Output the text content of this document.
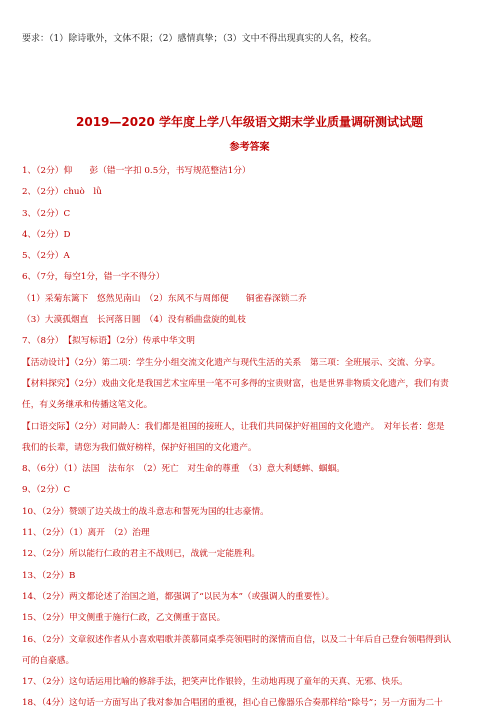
要求：（1）除诗歌外，文体不限；（2）感情真挚；（3）文中不得出现真实的人名，校名。
2019—2020 学年度上学八年级语文期末学业质量调研测试试题
参考答案
1、（2分）仰　　彭（错一字扣 0.5分，书写规范整洁1分）
2、（2分）chuò　lǜ
3、（2分）C
4、（2分）D
5、（2分）A
6、（7分，每空1分，错一字不得分）
（1）采菊东篱下　悠然见南山　（2）东风不与周郎便　　铜雀春深锁二乔
（3）大漠孤烟直　长河落日圆　（4）没有稻曲盘旋的虬枝
7、（8分）　【拟写标语】（2分）传承中华文明
【活动设计】（2分）第二项：学生分小组交流文化遗产与现代生活的关系　第三项：全班展示、交流、分享。
【材料探究】（2分）戏曲文化是我国艺术宝库里一笔不可多得的宝贵财富，也是世界非物质文化遗产，我们有责
任，有义务继承和传播这笔文化。
【口语交际】（2分）对同龄人：我们都是祖国的接班人，让我们共同保护好祖国的文化遗产。　对年长者：您是
我们的长辈，请您为我们做好榜样，保护好祖国的文化遗产。
8、（6分）（1）法国　法布尔　（2）死亡　对生命的尊重　（3）意大利蟋蟀、蝈蝈。
9、（2分）C
10、（2分）赞颂了边关战士的战斗意志和誓死为国的壮志豪情。
11、（2分）（1）离开　（2）治理
12、（2分）所以能行仁政的君主不战则已，战就一定能胜利。
13、（2分）B
14、（2分）两文都论述了治国之道，都强调了“以民为本”（或强调人的重要性）。
15、（2分）甲文侧重于施行仁政，乙文侧重于富民。
16、（2分）文章叙述作者从小喜欢唱歌并羡慕同桌季亮领唱时的深情而自信，以及二十年后自己登台领唱得到认
可的自豪感。
17、（2分）这句话运用比喻的修辞手法，把笑声比作银铃，生动地再现了童年的天真、无邪、快乐。
18、（4分）这句话一方面写出了我对参加合唱团的重视，担心自己像器乐合奏那样给“除号”；另一方面为二十
